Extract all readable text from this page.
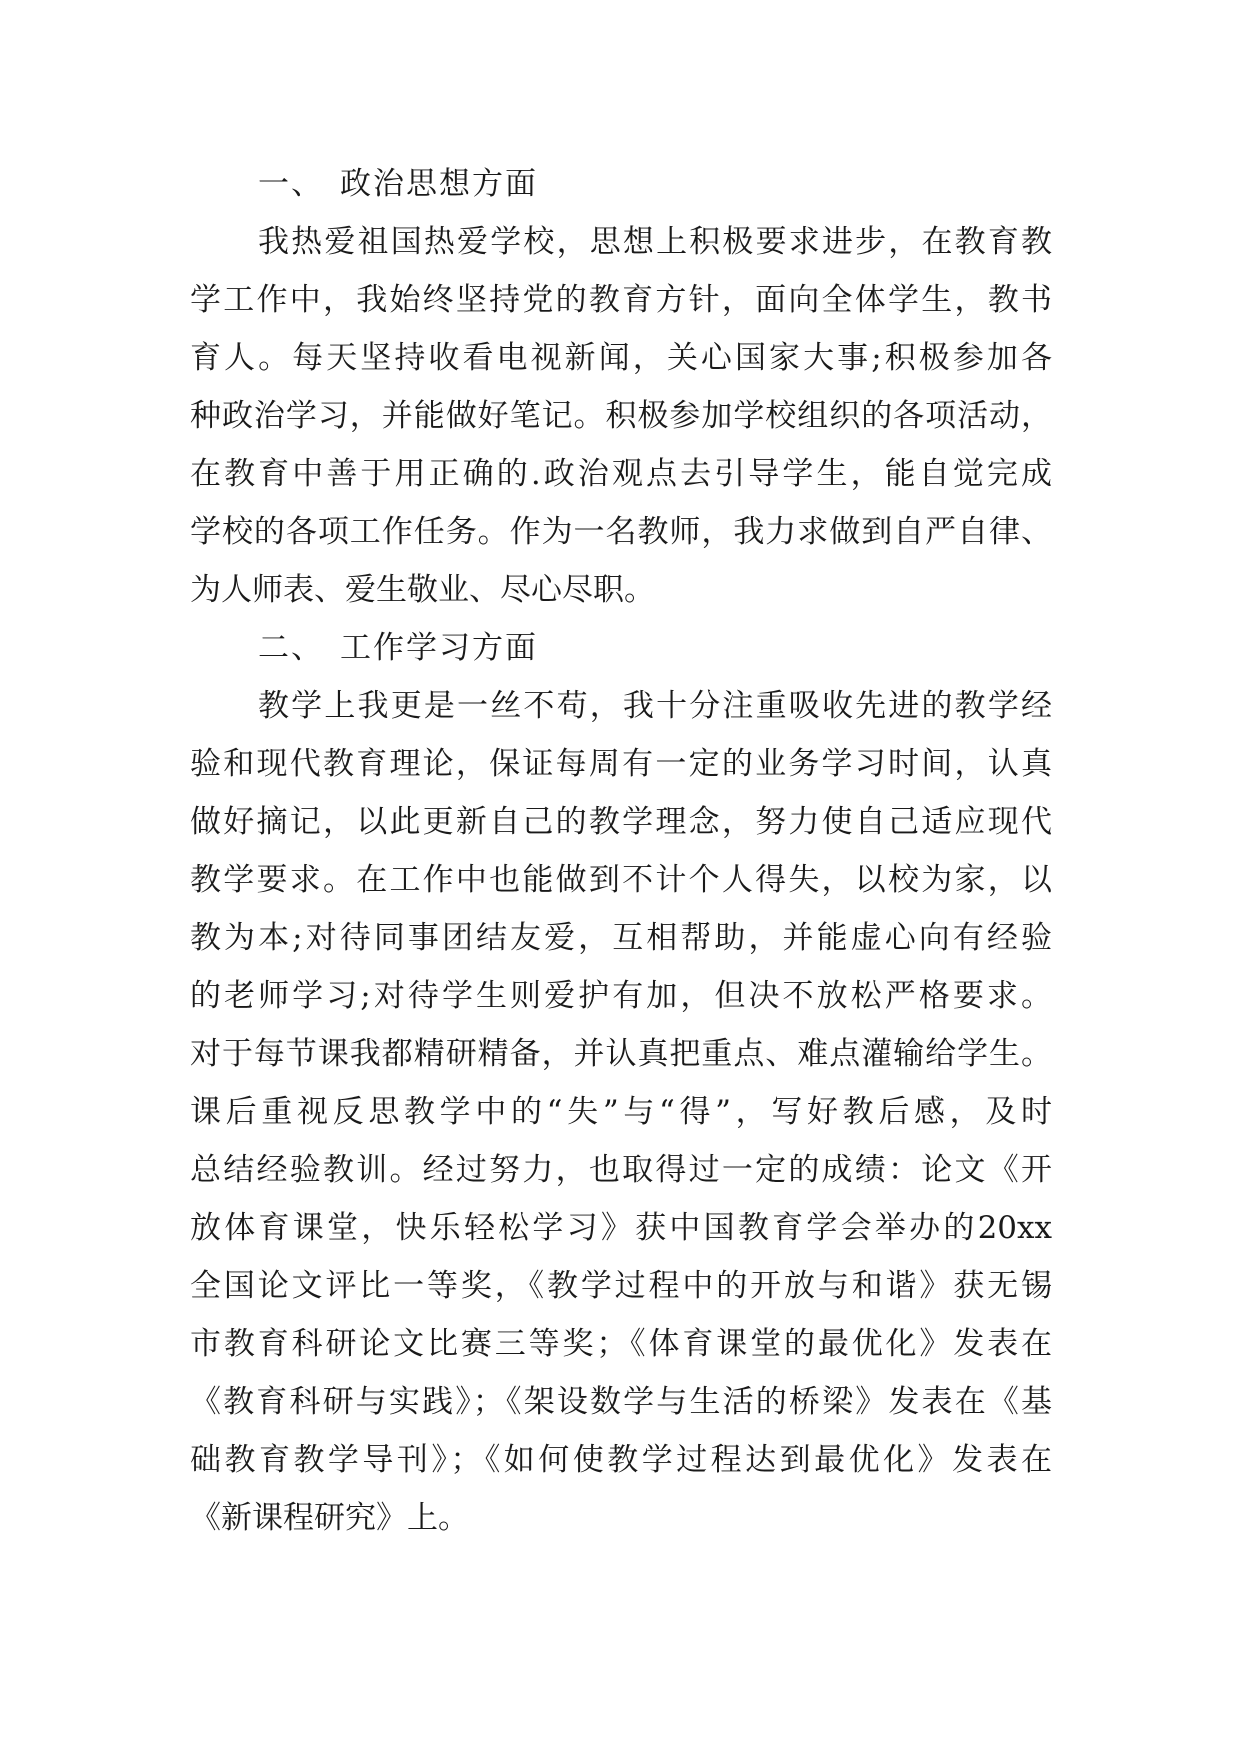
一、 政治思想方面
我热爱祖国热爱学校，思想上积极要求进步，在教育教
学工作中，我始终坚持党的教育方针，面向全体学生，教书
育人。每天坚持收看电视新闻，关心国家大事;积极参加各
种政治学习，并能做好笔记。积极参加学校组织的各项活动，
在教育中善于用正确的.政治观点去引导学生，能自觉完成
学校的各项工作任务。作为一名教师，我力求做到自严自律、
为人师表、爱生敬业、尽心尽职。
二、 工作学习方面
教学上我更是一丝不苟，我十分注重吸收先进的教学经
验和现代教育理论，保证每周有一定的业务学习时间，认真
做好摘记，以此更新自己的教学理念，努力使自己适应现代
教学要求。在工作中也能做到不计个人得失，以校为家，以
教为本;对待同事团结友爱，互相帮助，并能虚心向有经验
的老师学习;对待学生则爱护有加，但决不放松严格要求。
对于每节课我都精研精备，并认真把重点、难点灌输给学生。
课后重视反思教学中的“失”与“得”，写好教后感，及时
总结经验教训。经过努力，也取得过一定的成绩：论文《开
放体育课堂，快乐轻松学习》获中国教育学会举办的20xx
全国论文评比一等奖，《教学过程中的开放与和谐》获无锡
市教育科研论文比赛三等奖；《体育课堂的最优化》发表在
《教育科研与实践》；《架设数学与生活的桥梁》发表在《基
础教育教学导刊》；《如何使教学过程达到最优化》发表在
《新课程研究》上。
